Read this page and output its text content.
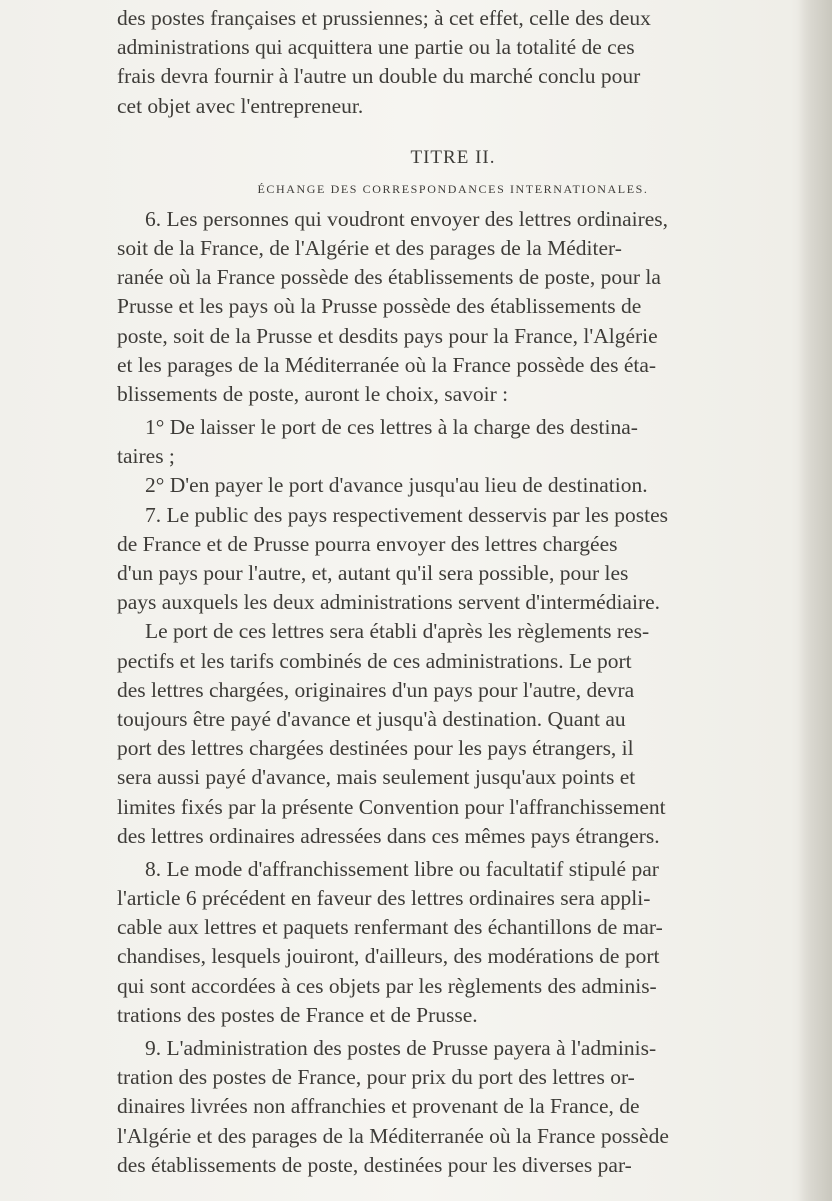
des postes françaises et prussiennes; à cet effet, celle des deux
administrations qui acquittera une partie ou la totalité de ces
frais devra fournir à l'autre un double du marché conclu pour
cet objet avec l'entrepreneur.
TITRE II.
ÉCHANGE DES CORRESPONDANCES INTERNATIONALES.
6. Les personnes qui voudront envoyer des lettres ordinaires,
soit de la France, de l'Algérie et des parages de la Méditer-
ranée où la France possède des établissements de poste, pour la
Prusse et les pays où la Prusse possède des établissements de
poste, soit de la Prusse et desdits pays pour la France, l'Algérie
et les parages de la Méditerranée où la France possède des éta-
blissements de poste, auront le choix, savoir :
1° De laisser le port de ces lettres à la charge des destina-
taires ;
2° D'en payer le port d'avance jusqu'au lieu de destination.
7. Le public des pays respectivement desservis par les postes
de France et de Prusse pourra envoyer des lettres chargées
d'un pays pour l'autre, et, autant qu'il sera possible, pour les
pays auxquels les deux administrations servent d'intermédiaire.
Le port de ces lettres sera établi d'après les règlements res-
pectifs et les tarifs combinés de ces administrations. Le port
des lettres chargées, originaires d'un pays pour l'autre, devra
toujours être payé d'avance et jusqu'à destination. Quant au
port des lettres chargées destinées pour les pays étrangers, il
sera aussi payé d'avance, mais seulement jusqu'aux points et
limites fixés par la présente Convention pour l'affranchissement
des lettres ordinaires adressées dans ces mêmes pays étrangers.
8. Le mode d'affranchissement libre ou facultatif stipulé par
l'article 6 précédent en faveur des lettres ordinaires sera appli-
cable aux lettres et paquets renfermant des échantillons de mar-
chandises, lesquels jouiront, d'ailleurs, des modérations de port
qui sont accordées à ces objets par les règlements des adminis-
trations des postes de France et de Prusse.
9. L'administration des postes de Prusse payera à l'adminis-
tration des postes de France, pour prix du port des lettres or-
dinaires livrées non affranchies et provenant de la France, de
l'Algérie et des parages de la Méditerranée où la France possède
des établissements de poste, destinées pour les diverses par-
